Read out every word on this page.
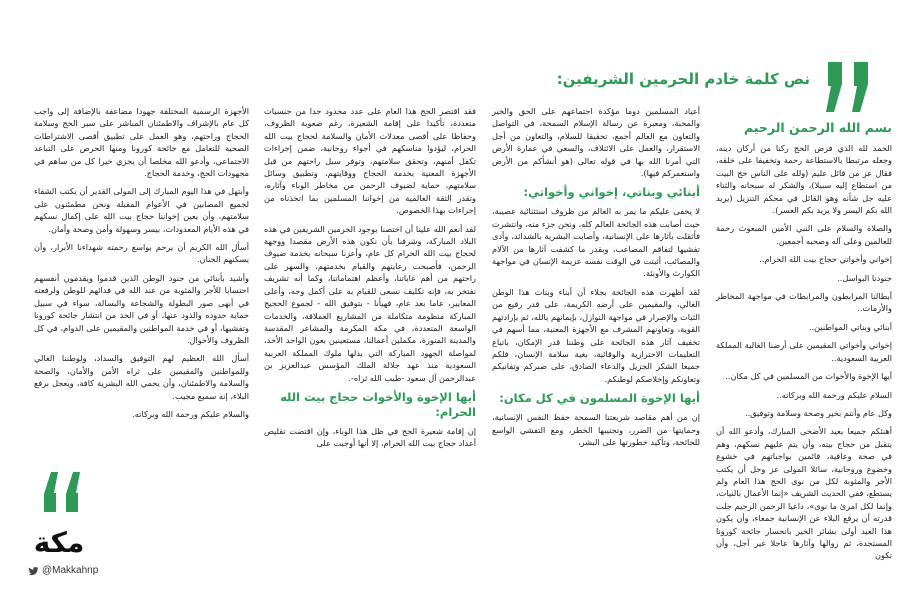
نص كلمة خادم الحرمين الشريفين:
بسم الله الرحمن الرحيم

الحمد لله الذي فرض الحج ركنا من أركان دينه، وجعله مرتبطا بالاستطاعة رحمة وتخفيفا على خلقه، فقال عز من قائل عليم (ولله على الناس حج البيت من استطاع إليه سبيلا)، والشكر له سبحانه والثناء عليه جل شأنه وهو القائل في محكم التنزيل (يريد الله بكم اليسر ولا يريد بكم العسر).

والصلاة والسلام على النبي الأمين المبعوث رحمة للعالمين وعلى آله وصحبه أجمعين.

إخواني وأخواتي حجاج بيت الله الحرام..

جنودنا البواسل..

أبطالنا المرابطون والمرابطات في مواجهة المخاطر والأزمات..

أبنائي وبناتي المواطنين..

إخواني وأخواتي المقيمين على أرضنا الغالية المملكة العربية السعودية..

أيها الإخوة والأخوات من المسلمين في كل مكان..

السلام عليكم ورحمة الله وبركاته..

وكل عام وأنتم بخير وصحة وسلامة وتوفيق..

أهنئكم جميعا بعيد الأضحى المبارك، وأدعو الله أن يتقبل من حجاج بيته، وأن يتم عليهم نسكهم، وهم في صحة وعافية، قائمين بواجباتهم في خشوع وخضوع وروحانية، سائلا المولى عز وجل أن يكتب الأجر والمثوبة لكل من نوى الحج هذا العام ولم يستطع، ففي الحديث الشريف «إنما الأعمال بالنيات، وإنما لكل امرئ ما نوى»، داعيا الرحمن الرحيم جلت قدرته أن يرفع البلاء عن الإنسانية جمعاء، وأن يكون هذا العيد أولى بشائر الخير بانحسار جائحة كورونا المستجدة، ثم زوالها وآثارها عاجلا غير آجل، وأن تكون

أعياد المسلمين دوما مؤكدة اجتماعهم على الحق والخير والمحبة، ومعبرة عن رسالة الإسلام السمحة، في التواصل والتعاون مع العالم أجمع، تحقيقا للسلام، والتعاون من أجل الاستقرار، والعمل على الائتلاف، والسعي في عمارة الأرض التي أمرنا الله بها في قوله تعالى (هو أنشأكم من الأرض واستعمركم فيها).

أبنائي وبناتي، إخواني وأخواتي:

لا يخفى عليكم ما يمر به العالم من ظروف استثنائية عصيبة، حيث أصابت هذه الجائحة العالم كله، ونحن جزء منه، وانتشرت فأثقلت بآثارها على الإنسانية، وأصابت البشرية بالشدائد، وأدى تفشيها لتفاقم المصاعب، وبقدر ما كشفت آثارها من الآلام والمصائب، أثبتت في الوقت نفسه عزيمة الإنسان في مواجهة الكوارث والأوبئة.

لقد أظهرت هذه الجائحة بجلاء أن أبناء وبنات هذا الوطن الغالي، والمقيمين على أرضه الكريمة، على قدر رفيع من الثبات والإصرار في مواجهة النوازل، بإيمانهم بالله، ثم بإرادتهم القوية، وتعاونهم المشرف مع الأجهزة المعنية، مما أسهم في تخفيف آثار هذه الجائحة على وطننا قدر الإمكان، باتباع التعليمات الاحترازية والوقائية، بغية سلامة الإنسان، فلكم جميعا الشكر الجزيل والدعاء الصادق، على صبركم وتفانيكم وتعاونكم وإخلاصكم لوطنكم.

أيها الإخوة المسلمون في كل مكان:

إن من أهم مقاصد شريعتنا السمحة حفظ النفس الإنسانية، وحمايتها من الضرر، وتجنيبها الخطر، ومع التفشي الواسع للجائحة، وتأكيد خطورتها على البشر،

فقد اقتصر الحج هذا العام على عدد محدود جدا من جنسيات متعددة، تأكيدا على إقامة الشعيرة، رغم صعوبة الظروف، وحفاظا على أقصى معدلات الأمان والسلامة لحجاج بيت الله الحرام، ليؤدوا مناسكهم في أجواء روحانية، ضمن إجراءات تكفل أمنهم، وتحقق سلامتهم، وتوفر سبل راحتهم من قبل الأجهزة المعنية بخدمة الحجاج ووقايتهم، وتطبيق وسائل سلامتهم، حماية لضيوف الرحمن من مخاطر الوباء وآثاره، وتقدر الثقة العالمية من إخواننا المسلمين بما اتخذناه من إجراءات بهذا الخصوص.

لقد أنعم الله علينا أن اختصنا بوجود الحرمين الشريفين في هذه البلاد المباركة، وشرفنا بأن نكون هذه الأرض مقصدا ووجهة لحجاج بيت الله الحرام كل عام، وأعزنا سبحانه بخدمة ضيوف الرحمن، فأصبحت رعايتهم والقيام بخدمتهم، والسهر على راحتهم من أهم غاياتنا، وأعظم اهتماماتنا، وكما أنه تشريف نفتخر به، فإنه تكليف نسعى للقيام به على أكمل وجه، وأعلى المعايير، عاما بعد عام، فهيأنا - بتوفيق الله - لجموع الحجيج المباركة منظومة متكاملة من المشاريع العملاقة، والخدمات الواسعة المتعددة، في مكة المكرمة والمشاعر المقدسة والمدينة المنورة، مكملين أعمالنا، مستعينين بعون الواحد الأحد، لمواصلة الجهود المباركة التي بذلها ملوك المملكة العربية السعودية منذ عهد جلالة الملك المؤسس عبدالعزيز بن عبدالرحمن آل سعود -طيب الله ثراه-.

أيها الإخوة والأخوات حجاج بيت الله الحرام:

إن إقامة شعيرة الحج في ظل هذا الوباء، وإن اقتضت تقليص أعداد حجاج بيت الله الحرام، إلا أنها أوجبت على

الأجهزة الرسمية المختلفة جهودا مضاعفة بالإضافة إلى واجب كل عام بالإشراف والاطمئنان المباشر على سير الحج وسلامة الحجاج وراحتهم، وهو العمل على تطبيق أقصى الاشتراطات الصحية للتعامل مع جائحة كورونا ومنها الحرص على التباعد الاجتماعي، وأدعو الله مخلصا أن يجزي خيرا كل من ساهم في مجهودات الحج، وخدمة الحجاج.

وأبتهل في هذا اليوم المبارك إلى المولى القدير أن يكتب الشفاء لجميع المصابين في الأعوام المقبلة ونحن مطمئنون على سلامتهم، وأن يعين إخواننا حجاج بيت الله على إكمال نسكهم في هذه الأيام المعدودات، بيسر وسهولة وأمن وصحة وأمان.

أسأل الله الكريم أن يرحم بواسع رحمته شهداءنا الأبرار، وأن يسكنهم الجنان.

وأشيد بأبنائي من جنود الوطن الذين قدموا ويقدمون أنفسهم احتسابا للأجر والمثوبة من عند الله في فدائهم للوطن ولرفعته في أبهى صور البطولة والشجاعة والبسالة، سواء في سبيل حماية حدوده والذود عنها، أو في الحد من انتشار جائحة كورونا وتفشيها، أو في خدمة المواطنين والمقيمين على الدوام، في كل الظروف والأحوال.

أسأل الله العظيم لهم التوفيق والسداد، ولوطننا الغالي وللمواطنين والمقيمين على ثراه الأمن والأمان، والصحة والسلامة والاطمئنان، وأن يحمي الله البشرية كافة، ويعجل برفع البلاء، إنه سميع مجيب.

والسلام عليكم ورحمة الله وبركاته.

مكة
@Makkahnp
